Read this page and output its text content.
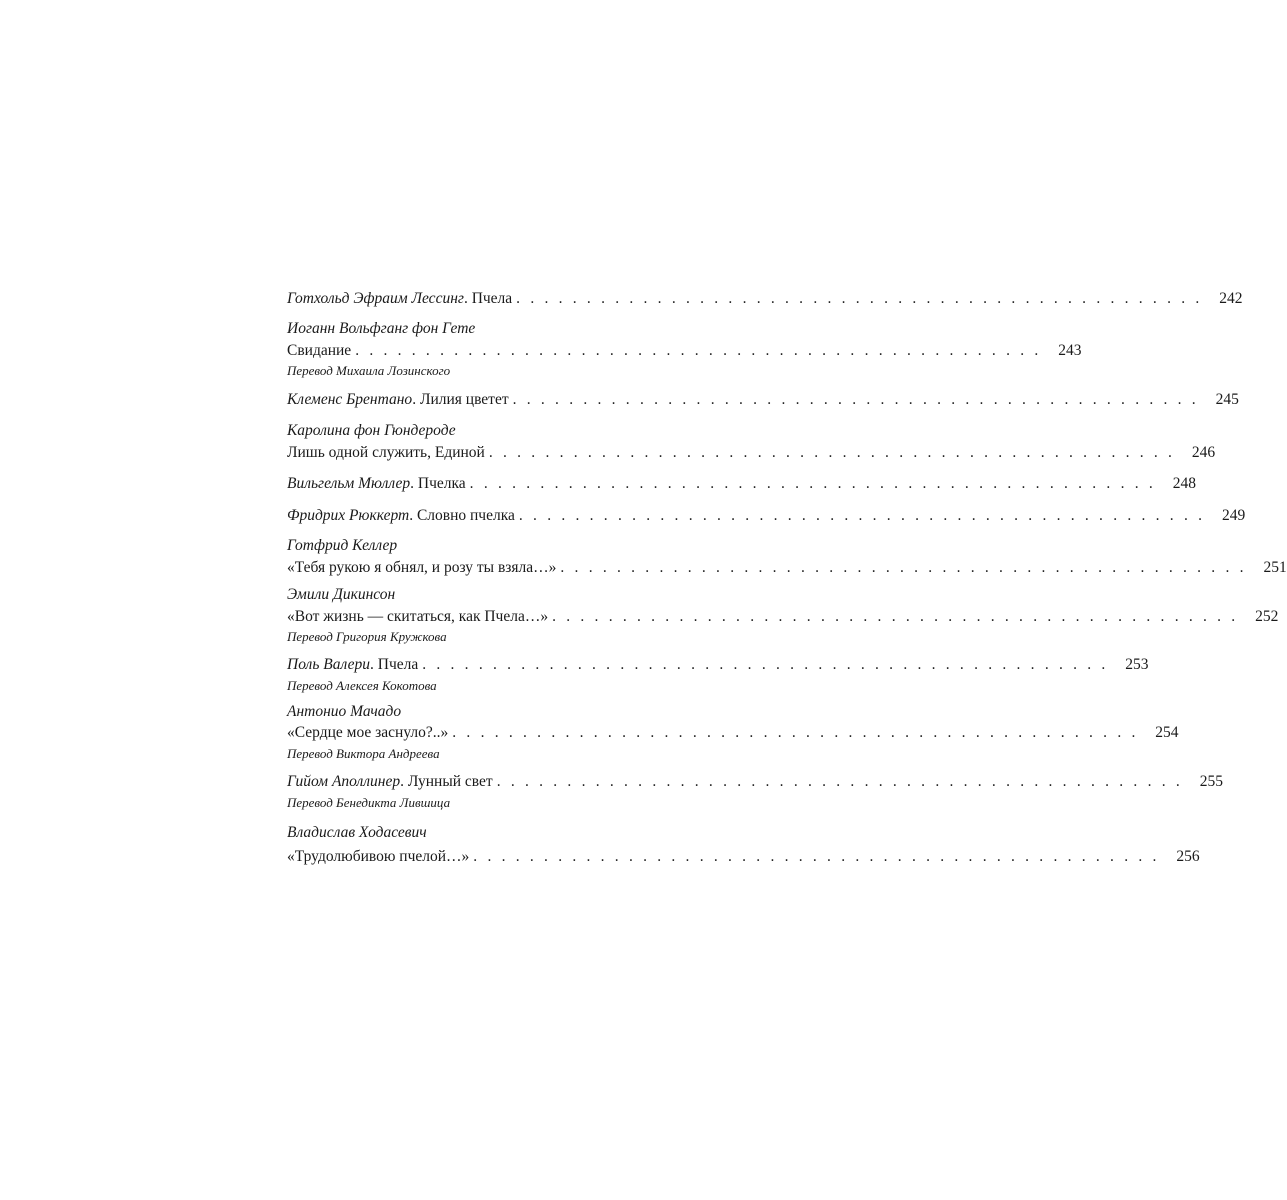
Готхольд Эфраим Лессинг . Пчела . . . . . . . . . . . . . . . . . . . . . . . . . . . . . . . . . . . . . . . . . . . . . . . . .	242
Иоганн Вольфганг фон Гете
Свидание . . . . . . . . . . . . . . . . . . . . . . . . . . . . . . . . . . . . . . . . . . . . . . . . .	243
Перевод Михаила Лозинского
Клеменс Брентано . Лилия цветет . . . . . . . . . . . . . . . . . . . . . . . . . . . . . . . . . . . . . . . . . . . . . . . . .	245
Каролина фон Гюндероде
Лишь одной служить, Единой . . . . . . . . . . . . . . . . . . . . . . . . . . . . . . . . . . . . . . . . . . . . . . . . .	246
Вильгельм Мюллер . Пчелка . . . . . . . . . . . . . . . . . . . . . . . . . . . . . . . . . . . . . . . . . . . . . . . . .	248
Фридрих Рюккерт . Словно пчелка . . . . . . . . . . . . . . . . . . . . . . . . . . . . . . . . . . . . . . . . . . . . . . . . .	249
Готфрид Келлер
«Тебя рукою я обнял, и розу ты взяла…» . . . . . . . . . . . . . . . . . . . . . . . . . . . . . . . . . . . . . . . . . . . . . . . . .	251
Эмили Дикинсон
«Вот жизнь — скитаться, как Пчела…» . . . . . . . . . . . . . . . . . . . . . . . . . . . . . . . . . . . . . . . . . . . . . . . . .	252
Перевод Григория Кружкова
Поль Валери . Пчела . . . . . . . . . . . . . . . . . . . . . . . . . . . . . . . . . . . . . . . . . . . . . . . . .	253
Перевод Алексея Кокотова
Антонио Мачадо
«Сердце мое заснуло?..» . . . . . . . . . . . . . . . . . . . . . . . . . . . . . . . . . . . . . . . . . . . . . . . . .	254
Перевод Виктора Андреева
Гийом Аполлинер . Лунный свет . . . . . . . . . . . . . . . . . . . . . . . . . . . . . . . . . . . . . . . . . . . . . . . . .	255
Перевод Бенедикта Лившица
Владислав Ходасевич
«Трудолюбивою пчелой…» . . . . . . . . . . . . . . . . . . . . . . . . . . . . . . . . . . . . . . . . . . . . . . . . .	256
